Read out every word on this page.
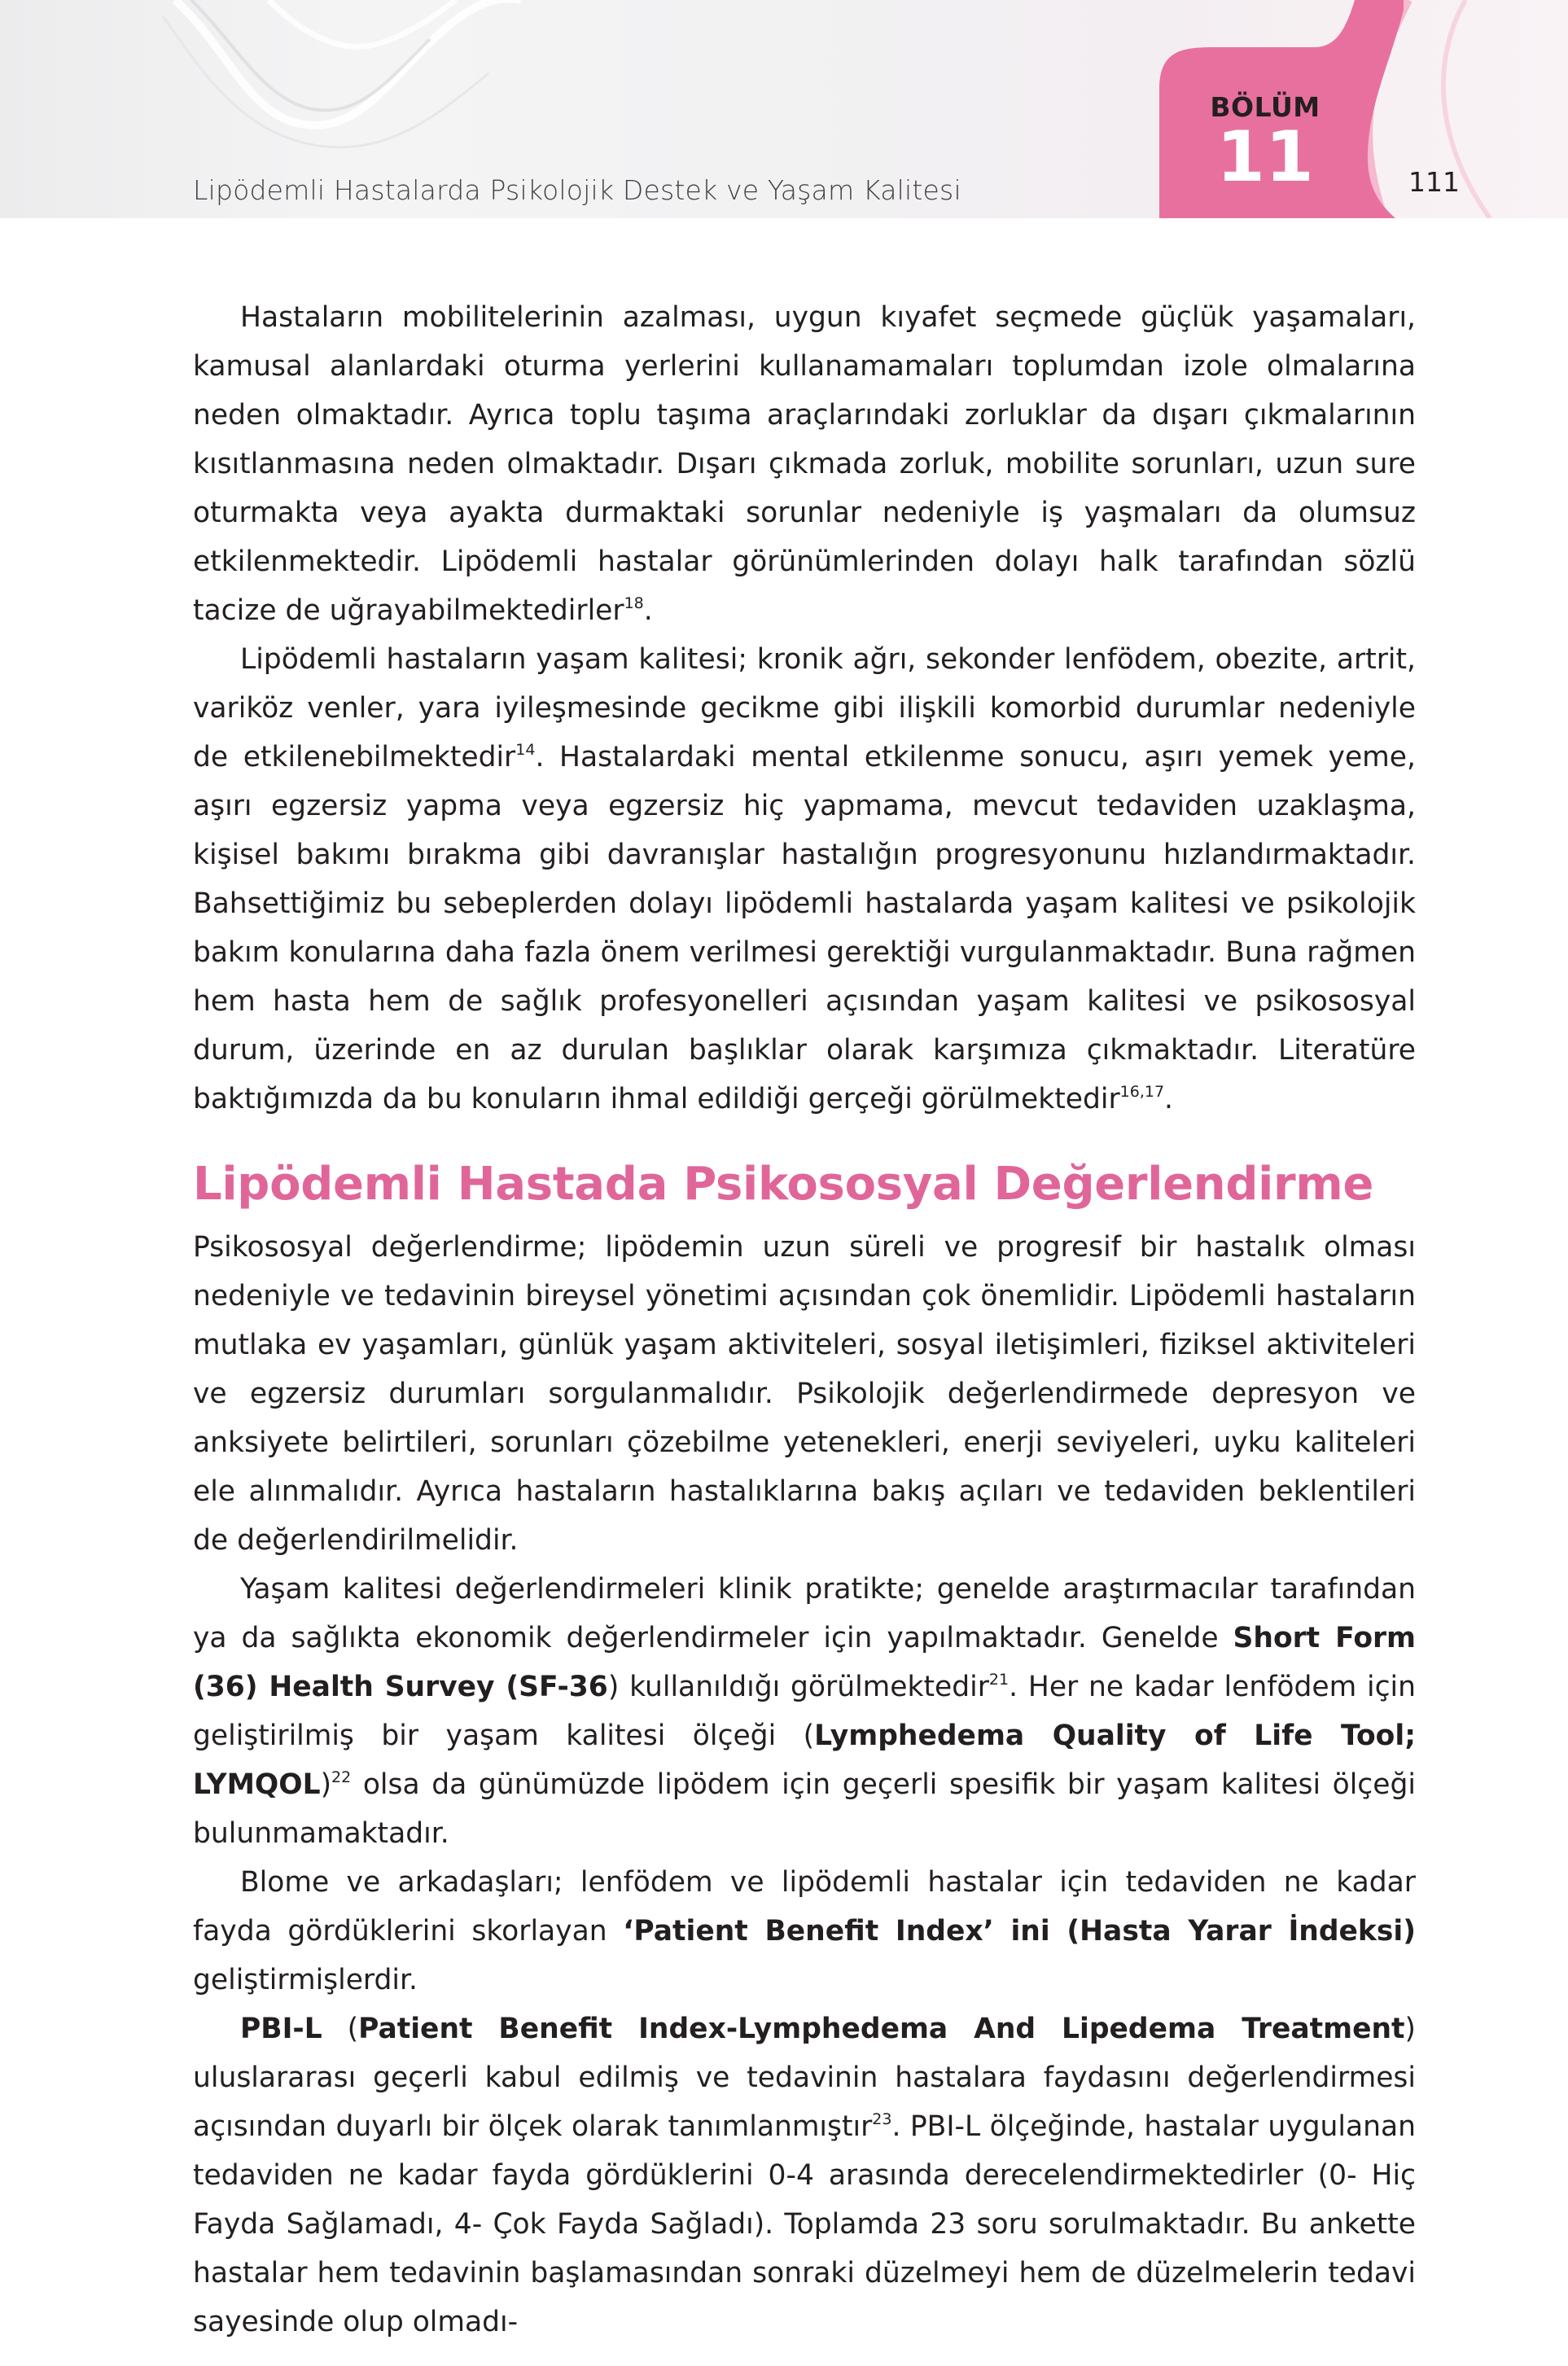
Lipödemli Hastalarda Psikolojik Destek ve Yaşam Kalitesi
BÖLÜM
11	111

Hastaların mobilitelerinin azalması, uygun kıyafet seçmede güçlük yaşamaları, kamusal alanlardaki oturma yerlerini kullanamamaları toplumdan izole olmalarına neden olmaktadır. Ayrıca toplu taşıma araçlarındaki zorluklar da dışarı çıkmalarının kısıtlanmasına neden olmaktadır. Dışarı çıkmada zorluk, mobilite sorunları, uzun sure oturmakta veya ayakta durmaktaki sorunlar nedeniyle iş yaşmaları da olumsuz etkilenmektedir. Lipödemli hastalar görünümlerinden dolayı halk tarafından sözlü tacize de uğrayabilmektedirler$^{18}$.

Lipödemli hastaların yaşam kalitesi; kronik ağrı, sekonder lenfödem, obezite, artrit, variköz venler, yara iyileşmesinde gecikme gibi ilişkili komorbid durumlar nedeniyle de etkilenebilmektedir$^{14}$. Hastalardaki mental etkilenme sonucu, aşırı yemek yeme, aşırı egzersiz yapma veya egzersiz hiç yapmama, mevcut tedaviden uzaklaşma, kişisel bakımı bırakma gibi davranışlar hastalığın progresyonunu hızlandırmaktadır. Bahsettiğimiz bu sebeplerden dolayı lipödemli hastalarda yaşam kalitesi ve psikolojik bakım konularına daha fazla önem verilmesi gerektiği vurgulanmaktadır. Buna rağmen hem hasta hem de sağlık profesyonelleri açısından yaşam kalitesi ve psikososyal durum, üzerinde en az durulan başlıklar olarak karşımıza çıkmaktadır. Literatüre baktığımızda da bu konuların ihmal edildiği gerçeği görülmektedir$^{16,17}$.

Lipödemli Hastada Psikososyal Değerlendirme

Psikososyal değerlendirme; lipödemin uzun süreli ve progresif bir hastalık olması nedeniyle ve tedavinin bireysel yönetimi açısından çok önemlidir. Lipödemli hastaların mutlaka ev yaşamları, günlük yaşam aktiviteleri, sosyal iletişimleri, fiziksel aktiviteleri ve egzersiz durumları sorgulanmalıdır. Psikolojik değerlendirmede depresyon ve anksiyete belirtileri, sorunları çözebilme yetenekleri, enerji seviyeleri, uyku kaliteleri ele alınmalıdır. Ayrıca hastaların hastalıklarına bakış açıları ve tedaviden beklentileri de değerlendirilmelidir.

Yaşam kalitesi değerlendirmeleri klinik pratikte; genelde araştırmacılar tarafından ya da sağlıkta ekonomik değerlendirmeler için yapılmaktadır. Genelde Short Form (36) Health Survey (SF-36) kullanıldığı görülmektedir$^{21}$. Her ne kadar lenfödem için geliştirilmiş bir yaşam kalitesi ölçeği (Lymphedema Quality of Life Tool; LYMQOL)$^{22}$ olsa da günümüzde lipödem için geçerli spesifik bir yaşam kalitesi ölçeği bulunmamaktadır.

Blome ve arkadaşları; lenfödem ve lipödemli hastalar için tedaviden ne kadar fayda gördüklerini skorlayan ‘Patient Benefit Index’ ini (Hasta Yarar İndeksi) geliştirmişlerdir.

PBI-L (Patient Benefit Index-Lymphedema And Lipedema Treatment) uluslararası geçerli kabul edilmiş ve tedavinin hastalara faydasını değerlendirmesi açısından duyarlı bir ölçek olarak tanımlanmıştır$^{23}$. PBI-L ölçeğinde, hastalar uygulanan tedaviden ne kadar fayda gördüklerini 0-4 arasında derecelendirmektedirler (0- Hiç Fayda Sağlamadı, 4- Çok Fayda Sağladı). Toplamda 23 soru sorulmaktadır. Bu ankette hastalar hem tedavinin başlamasından sonraki düzelmeyi hem de düzelmelerin tedavi sayesinde olup olmadı-
